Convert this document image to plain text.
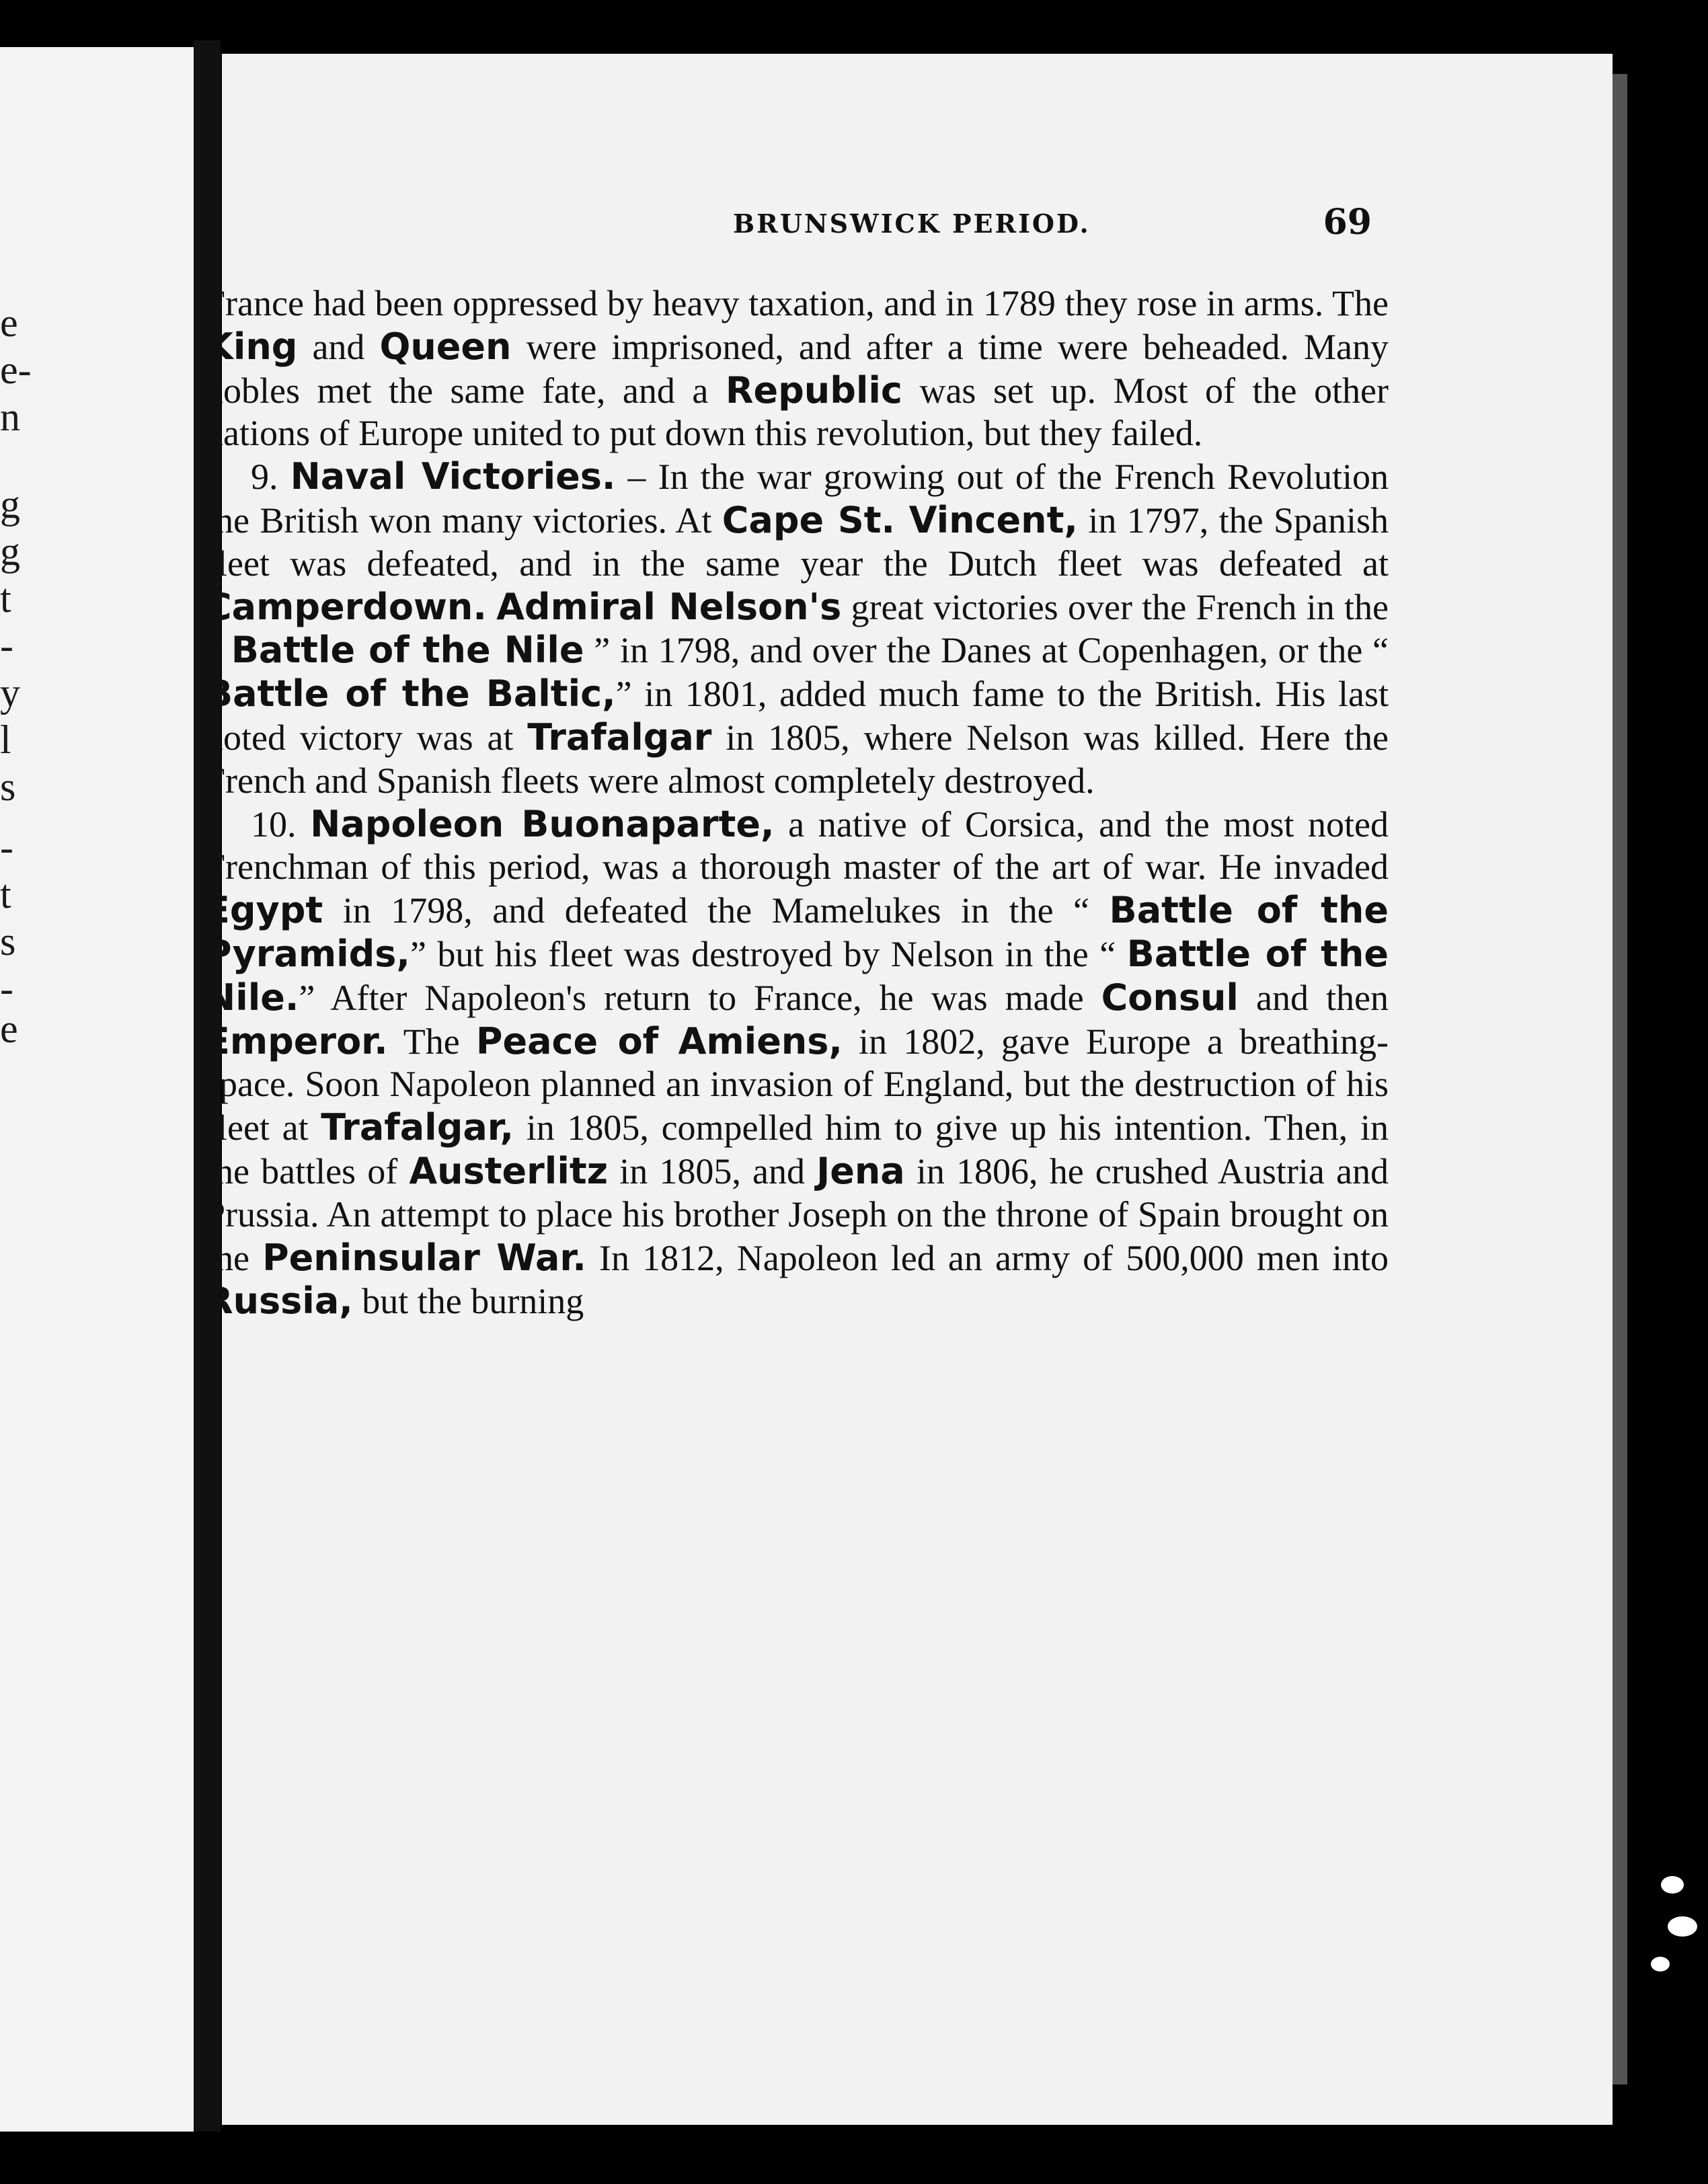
e
e-
n
g
g
t
-
y
l
s
-
t
s
-
e
BRUNSWICK PERIOD.	69

France had been oppressed by heavy taxation, and in 1789 they rose in arms. The King and Queen were imprisoned, and after a time were beheaded. Many nobles met the same fate, and a Republic was set up. Most of the other nations of Europe united to put down this revolution, but they failed.

9. Naval Victories. – In the war growing out of the French Revolution the British won many victories. At Cape St. Vincent, in 1797, the Spanish fleet was defeated, and in the same year the Dutch fleet was defeated at Camperdown. Admiral Nelson's great victories over the French in the “ Battle of the Nile ” in 1798, and over the Danes at Copenhagen, or the “ Battle of the Baltic,” in 1801, added much fame to the British. His last noted victory was at Trafalgar in 1805, where Nelson was killed. Here the French and Spanish fleets were almost completely destroyed.

10. Napoleon Buonaparte, a native of Corsica, and the most noted Frenchman of this period, was a thorough master of the art of war. He invaded Egypt in 1798, and defeated the Mamelukes in the “ Battle of the Pyramids,” but his fleet was destroyed by Nelson in the “ Battle of the Nile.” After Napoleon's return to France, he was made Consul and then Emperor. The Peace of Amiens, in 1802, gave Europe a breathing-space. Soon Napoleon planned an invasion of England, but the destruction of his fleet at Trafalgar, in 1805, compelled him to give up his intention. Then, in the battles of Austerlitz in 1805, and Jena in 1806, he crushed Austria and Prussia. An attempt to place his brother Joseph on the throne of Spain brought on the Peninsular War. In 1812, Napoleon led an army of 500,000 men into Russia, but the burning
